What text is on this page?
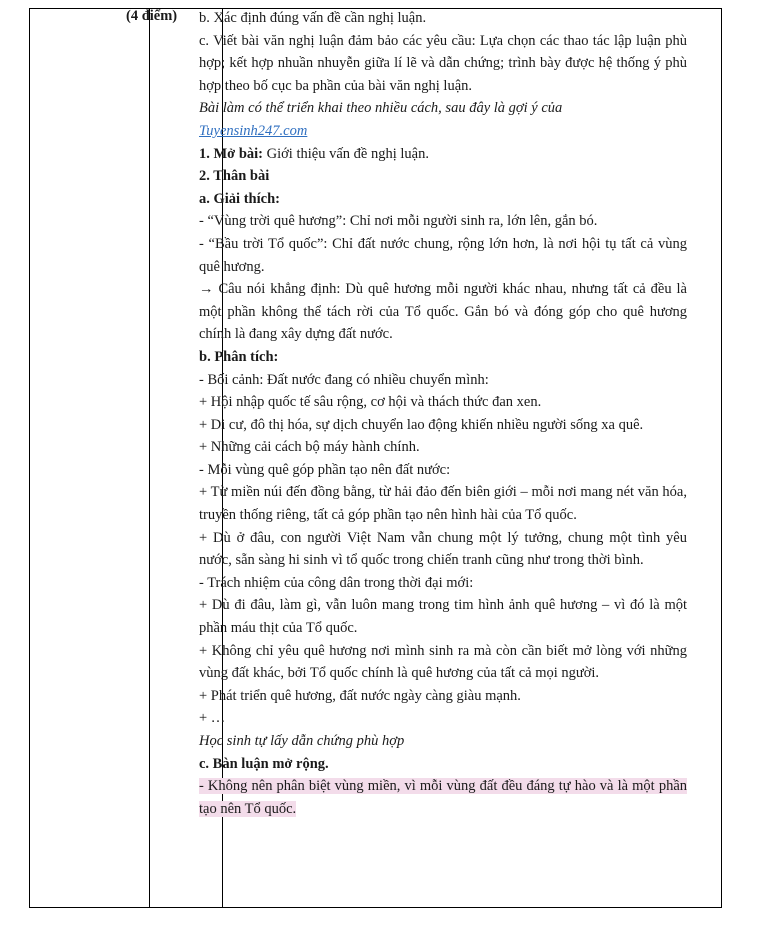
(4 điểm) b. Xác định đúng vấn đề cần nghị luận.

c. Viết bài văn nghị luận đảm bảo các yêu cầu: Lựa chọn các thao tác lập luận phù hợp; kết hợp nhuần nhuyễn giữa lí lẽ và dẫn chứng; trình bày được hệ thống ý phù hợp theo bố cục ba phần của bài văn nghị luận.

Bài làm có thể triển khai theo nhiều cách, sau đây là gợi ý của
Tuyensinh247.com

1. Mở bài: Giới thiệu vấn đề nghị luận.

2. Thân bài

a. Giải thích:

- “Vùng trời quê hương”: Chỉ nơi mỗi người sinh ra, lớn lên, gắn bó.

- “Bầu trời Tổ quốc”: Chỉ đất nước chung, rộng lớn hơn, là nơi hội tụ tất cả vùng quê hương.

→ Câu nói khẳng định: Dù quê hương mỗi người khác nhau, nhưng tất cả đều là một phần không thể tách rời của Tổ quốc. Gắn bó và đóng góp cho quê hương chính là đang xây dựng đất nước.

b. Phân tích:

- Bối cảnh: Đất nước đang có nhiều chuyển mình:

+ Hội nhập quốc tế sâu rộng, cơ hội và thách thức đan xen.

+ Di cư, đô thị hóa, sự dịch chuyển lao động khiến nhiều người sống xa quê.

+ Những cải cách bộ máy hành chính.

- Mỗi vùng quê góp phần tạo nên đất nước:

+ Từ miền núi đến đồng bằng, từ hải đảo đến biên giới – mỗi nơi mang nét văn hóa, truyền thống riêng, tất cả góp phần tạo nên hình hài của Tổ quốc.

+ Dù ở đâu, con người Việt Nam vẫn chung một lý tưởng, chung một tình yêu nước, sẵn sàng hi sinh vì tổ quốc trong chiến tranh cũng như trong thời bình.

- Trách nhiệm của công dân trong thời đại mới:

+ Dù đi đâu, làm gì, vẫn luôn mang trong tim hình ảnh quê hương – vì đó là một phần máu thịt của Tổ quốc.

+ Không chỉ yêu quê hương nơi mình sinh ra mà còn cần biết mở lòng với những vùng đất khác, bởi Tổ quốc chính là quê hương của tất cả mọi người.

+ Phát triển quê hương, đất nước ngày càng giàu mạnh.

+ …

Học sinh tự lấy dẫn chứng phù hợp

c. Bàn luận mở rộng.

- Không nên phân biệt vùng miền, vì mỗi vùng đất đều đáng tự hào và là một phần tạo nên Tổ quốc.
